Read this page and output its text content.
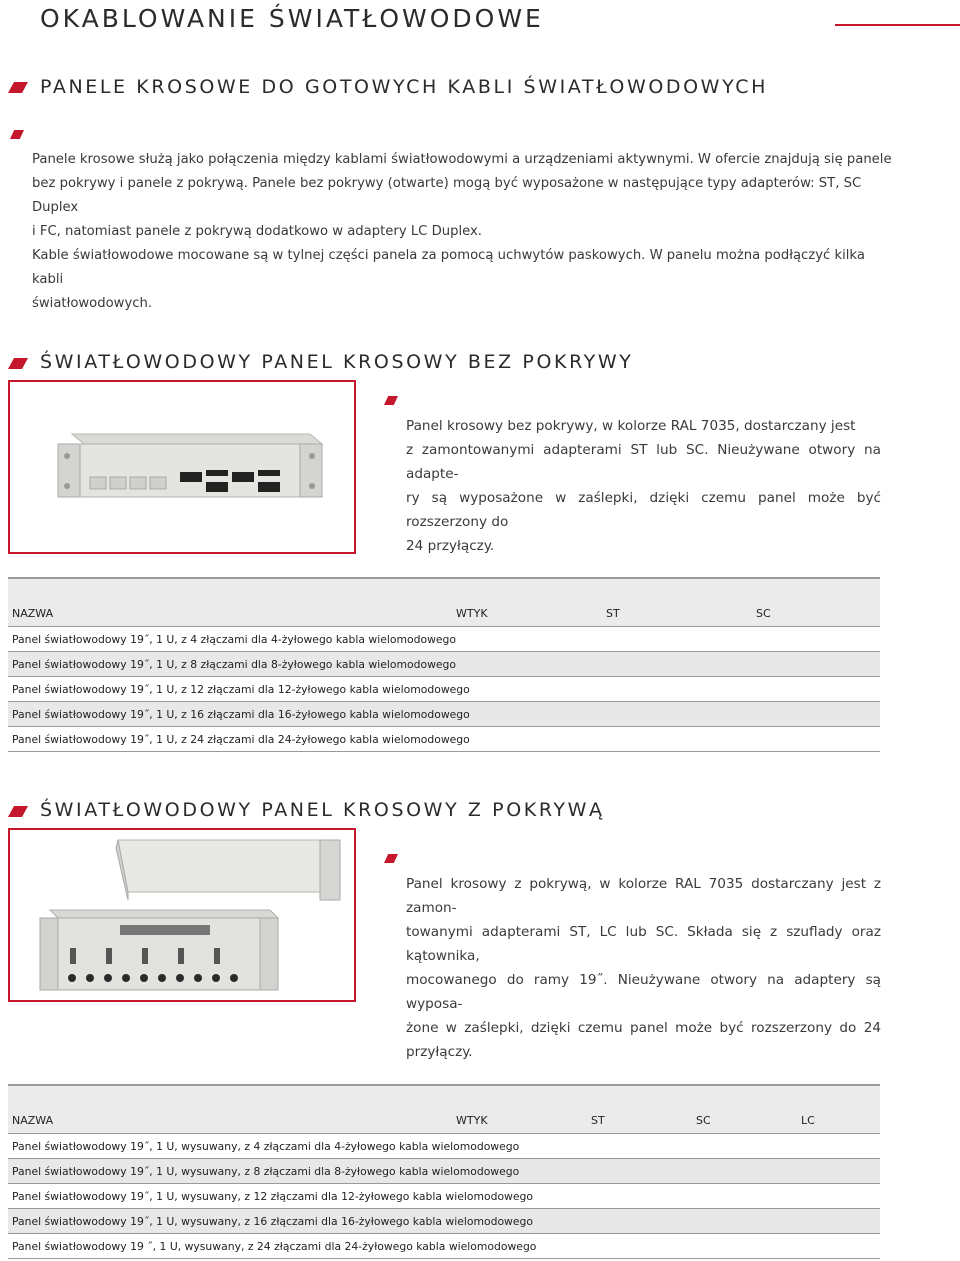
OKABLOWANIE ŚWIATŁOWODOWE
PANELE KROSOWE DO GOTOWYCH KABLI ŚWIATŁOWODOWYCH
Panele krosowe służą jako połączenia między kablami światłowodowymi a urządzeniami aktywnymi. W ofercie znajdują się panele
bez pokrywy i panele z pokrywą. Panele bez pokrywy (otwarte) mogą być wyposażone w następujące typy adapterów: ST, SC Duplex
i FC, natomiast panele z pokrywą dodatkowo w adaptery LC Duplex.
Kable światłowodowe mocowane są w tylnej części panela za pomocą uchwytów paskowych. W panelu można podłączyć kilka kabli
światłowodowych.
ŚWIATŁOWODOWY PANEL KROSOWY BEZ POKRYWY
Panel krosowy bez pokrywy, w kolorze RAL 7035, dostarczany jest
z zamontowanymi adapterami ST lub SC. Nieużywane otwory na adapte-
ry są wyposażone w zaślepki, dzięki czemu panel może być rozszerzony do
24 przyłączy.
NAZWA	WTYK	ST	SC
Panel światłowodowy 19˝, 1 U, z 4 złączami dla 4-żyłowego kabla wielomodowego
Panel światłowodowy 19˝, 1 U, z 8 złączami dla 8-żyłowego kabla wielomodowego
Panel światłowodowy 19˝, 1 U, z 12 złączami dla 12-żyłowego kabla wielomodowego
Panel światłowodowy 19˝, 1 U, z 16 złączami dla 16-żyłowego kabla wielomodowego
Panel światłowodowy 19˝, 1 U, z 24 złączami dla 24-żyłowego kabla wielomodowego
ŚWIATŁOWODOWY PANEL KROSOWY Z POKRYWĄ
Panel krosowy z pokrywą, w kolorze RAL 7035 dostarczany jest z zamon-
towanymi adapterami ST, LC lub SC. Składa się z szuflady oraz kątownika,
mocowanego do ramy 19˝. Nieużywane otwory na adaptery są wyposa-
żone w zaślepki, dzięki czemu panel może być rozszerzony do 24 przyłączy.
NAZWA	WTYK	ST	SC	LC
Panel światłowodowy 19˝, 1 U, wysuwany, z 4 złączami dla 4-żyłowego kabla wielomodowego
Panel światłowodowy 19˝, 1 U, wysuwany, z 8 złączami dla 8-żyłowego kabla wielomodowego
Panel światłowodowy 19˝, 1 U, wysuwany, z 12 złączami dla 12-żyłowego kabla wielomodowego
Panel światłowodowy 19˝, 1 U, wysuwany, z 16 złączami dla 16-żyłowego kabla wielomodowego
Panel światłowodowy 19 ˝, 1 U, wysuwany, z 24 złączami dla 24-żyłowego kabla wielomodowego
